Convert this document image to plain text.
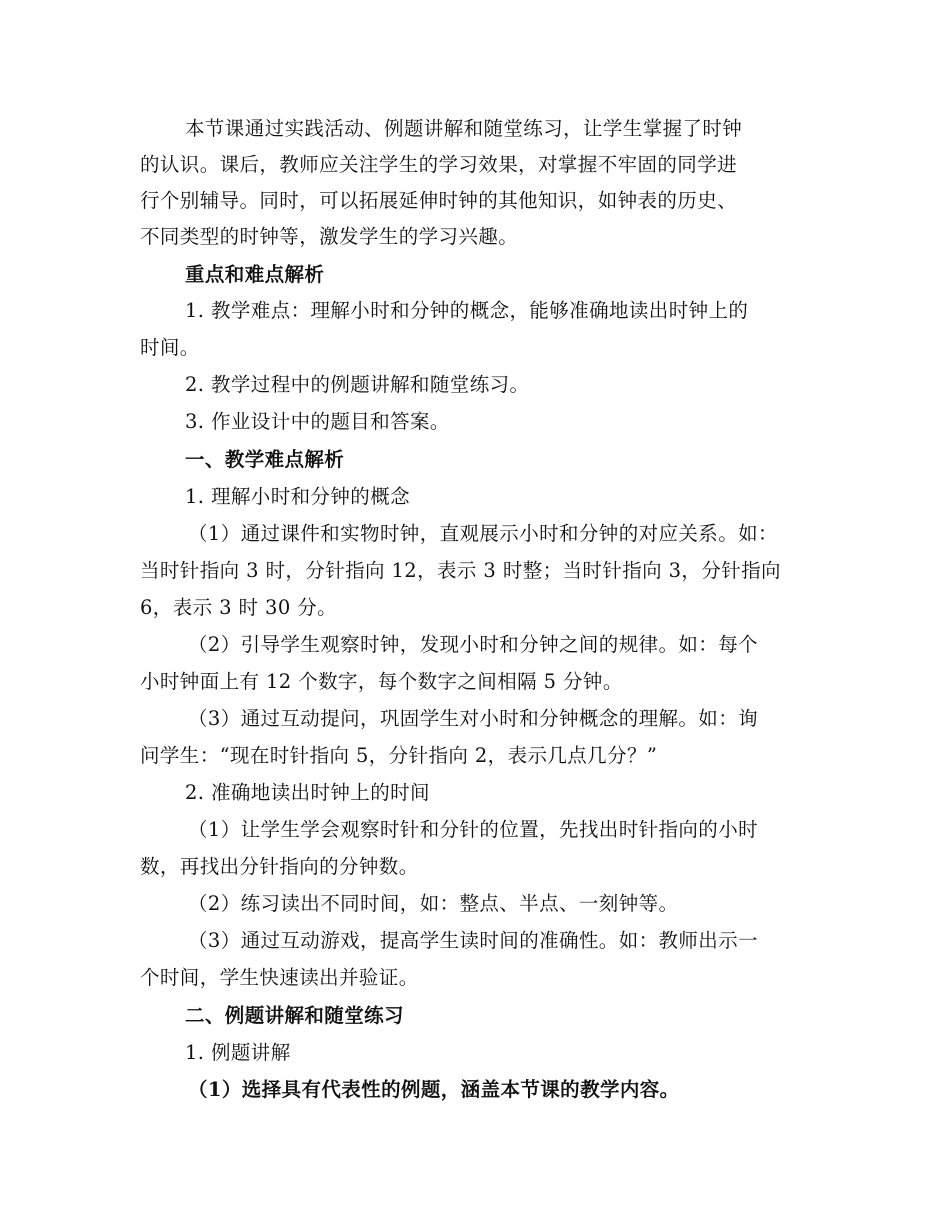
本节课通过实践活动、例题讲解和随堂练习，让学生掌握了时钟
的认识。课后，教师应关注学生的学习效果，对掌握不牢固的同学进
行个别辅导。同时，可以拓展延伸时钟的其他知识，如钟表的历史、
不同类型的时钟等，激发学生的学习兴趣。
重点和难点解析
1. 教学难点：理解小时和分钟的概念，能够准确地读出时钟上的
时间。
2. 教学过程中的例题讲解和随堂练习。
3. 作业设计中的题目和答案。
一、教学难点解析
1. 理解小时和分钟的概念
（1）通过课件和实物时钟，直观展示小时和分钟的对应关系。如：
当时针指向 3 时，分针指向 12，表示 3 时整；当时针指向 3，分针指向
6，表示 3 时 30 分。
（2）引导学生观察时钟，发现小时和分钟之间的规律。如：每个
小时钟面上有 12 个数字，每个数字之间相隔 5 分钟。
（3）通过互动提问，巩固学生对小时和分钟概念的理解。如：询
问学生：“现在时针指向 5，分针指向 2，表示几点几分？”
2. 准确地读出时钟上的时间
（1）让学生学会观察时针和分针的位置，先找出时针指向的小时
数，再找出分针指向的分钟数。
（2）练习读出不同时间，如：整点、半点、一刻钟等。
（3）通过互动游戏，提高学生读时间的准确性。如：教师出示一
个时间，学生快速读出并验证。
二、例题讲解和随堂练习
1. 例题讲解
（1）选择具有代表性的例题，涵盖本节课的教学内容。
